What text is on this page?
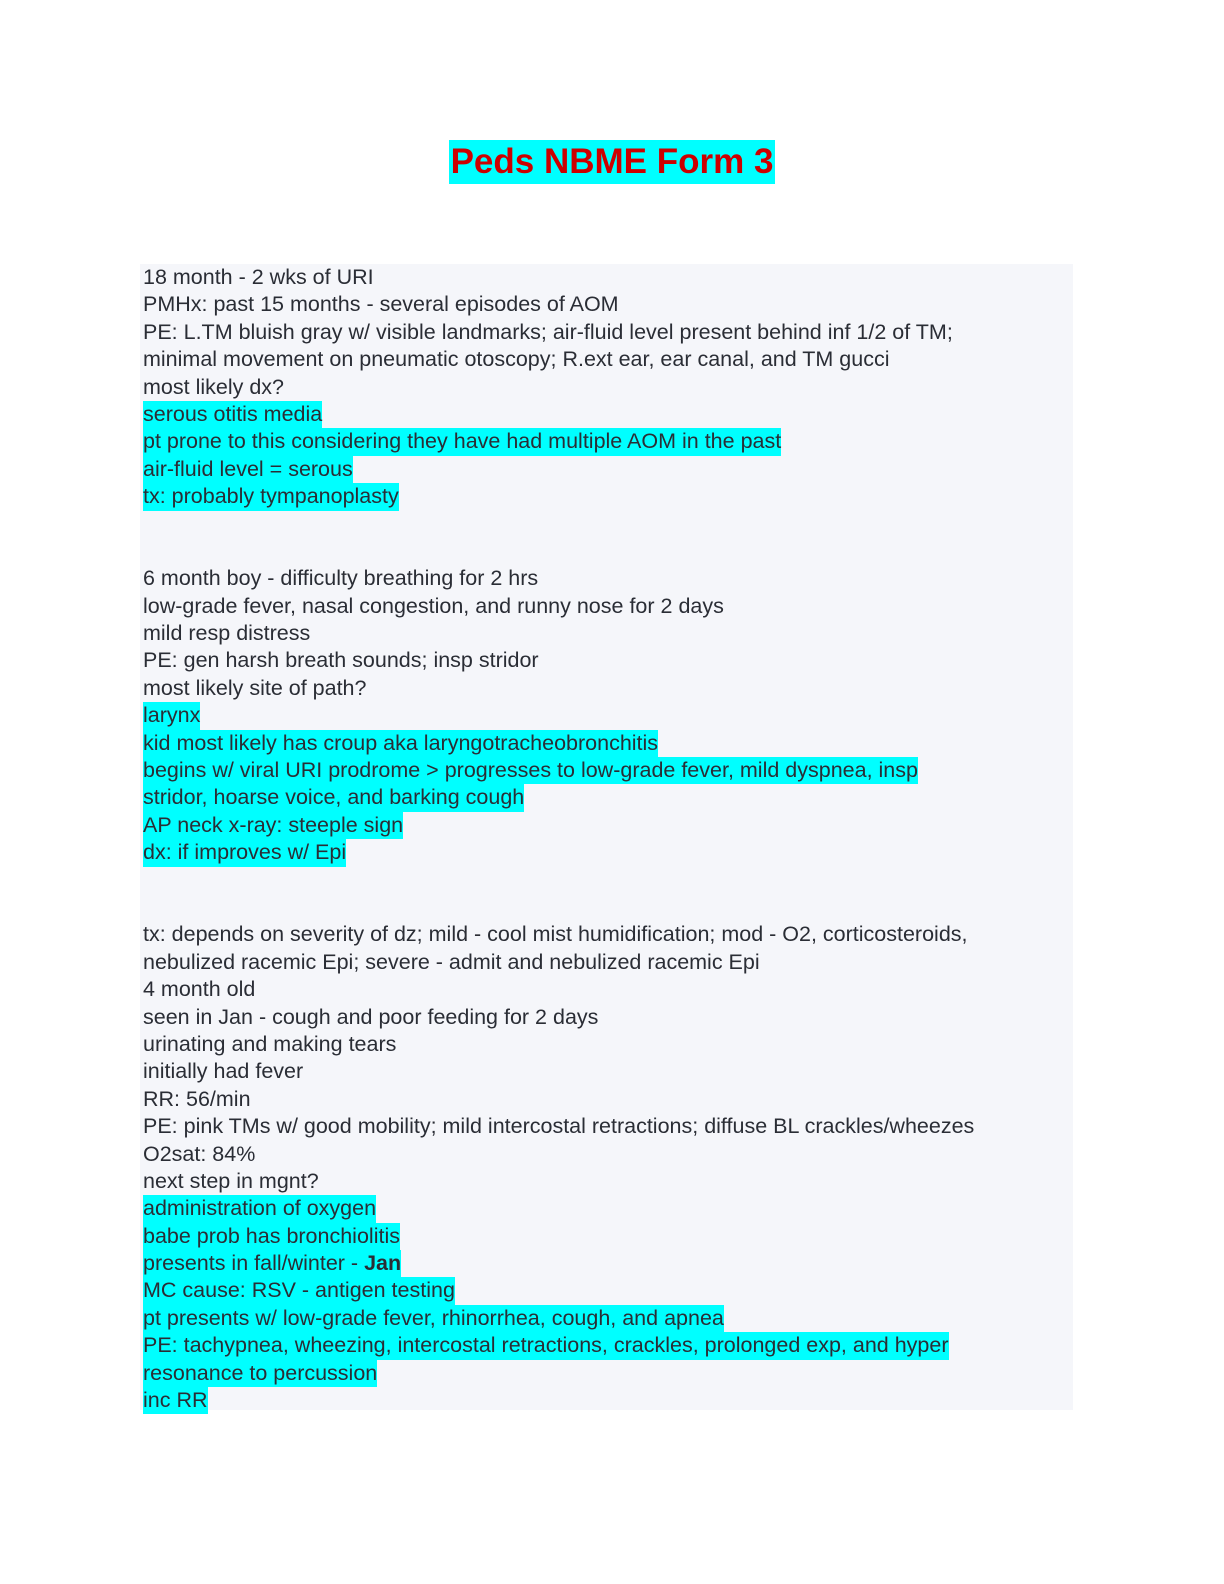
Peds NBME Form 3
18 month - 2 wks of URI
PMHx: past 15 months - several episodes of AOM
PE: L.TM bluish gray w/ visible landmarks; air-fluid level present behind inf 1/2 of TM;
minimal movement on pneumatic otoscopy; R.ext ear, ear canal, and TM gucci
most likely dx?
serous otitis media
pt prone to this considering they have had multiple AOM in the past
air-fluid level = serous
tx: probably tympanoplasty
6 month boy - difficulty breathing for 2 hrs
low-grade fever, nasal congestion, and runny nose for 2 days
mild resp distress
PE: gen harsh breath sounds; insp stridor
most likely site of path?
larynx
kid most likely has croup aka laryngotracheobronchitis
begins w/ viral URI prodrome > progresses to low-grade fever, mild dyspnea, insp
stridor, hoarse voice, and barking cough
AP neck x-ray: steeple sign
dx: if improves w/ Epi
tx: depends on severity of dz; mild - cool mist humidification; mod - O2, corticosteroids,
nebulized racemic Epi; severe - admit and nebulized racemic Epi
4 month old
seen in Jan - cough and poor feeding for 2 days
urinating and making tears
initially had fever
RR: 56/min
PE: pink TMs w/ good mobility; mild intercostal retractions; diffuse BL crackles/wheezes
O2sat: 84%
next step in mgnt?
administration of oxygen
babe prob has bronchiolitis
presents in fall/winter - Jan
MC cause: RSV - antigen testing
pt presents w/ low-grade fever, rhinorrhea, cough, and apnea
PE: tachypnea, wheezing, intercostal retractions, crackles, prolonged exp, and hyper
resonance to percussion
inc RR
